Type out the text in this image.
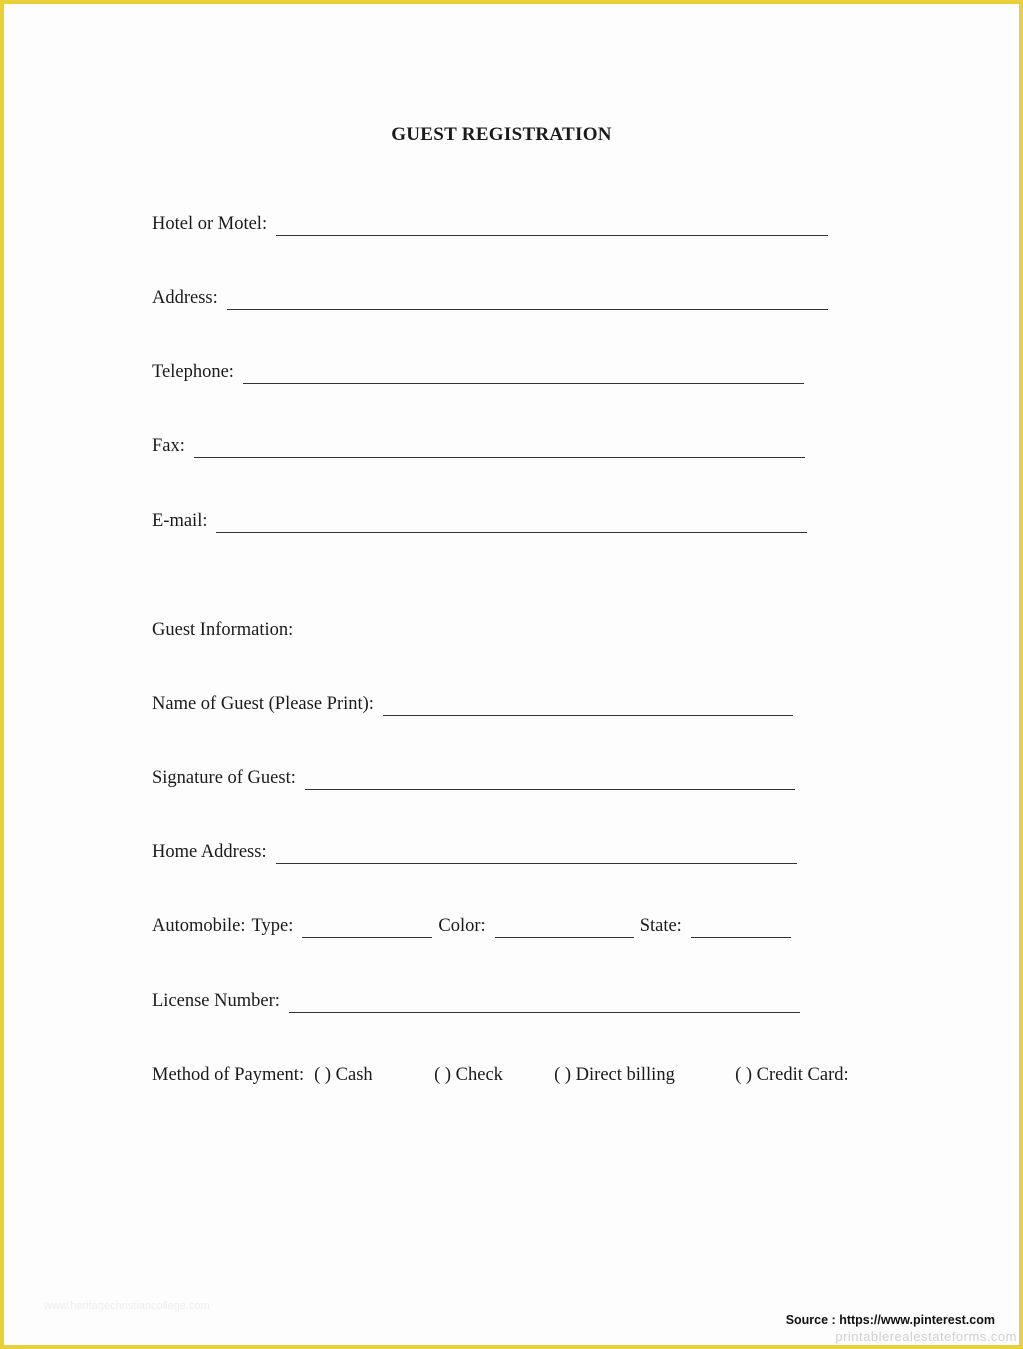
GUEST REGISTRATION
Hotel or Motel:
Address:
Telephone:
Fax:
E-mail:
Guest Information:
Name of Guest (Please Print):
Signature of Guest:
Home Address:
Automobile: Type:	Color:	State:
License Number:
Method of Payment: ( ) Cash	( ) Check	( ) Direct billing	( ) Credit Card:
www.heritagechristiancollege.com
Source : https://www.pinterest.com
printablerealestateforms.com
